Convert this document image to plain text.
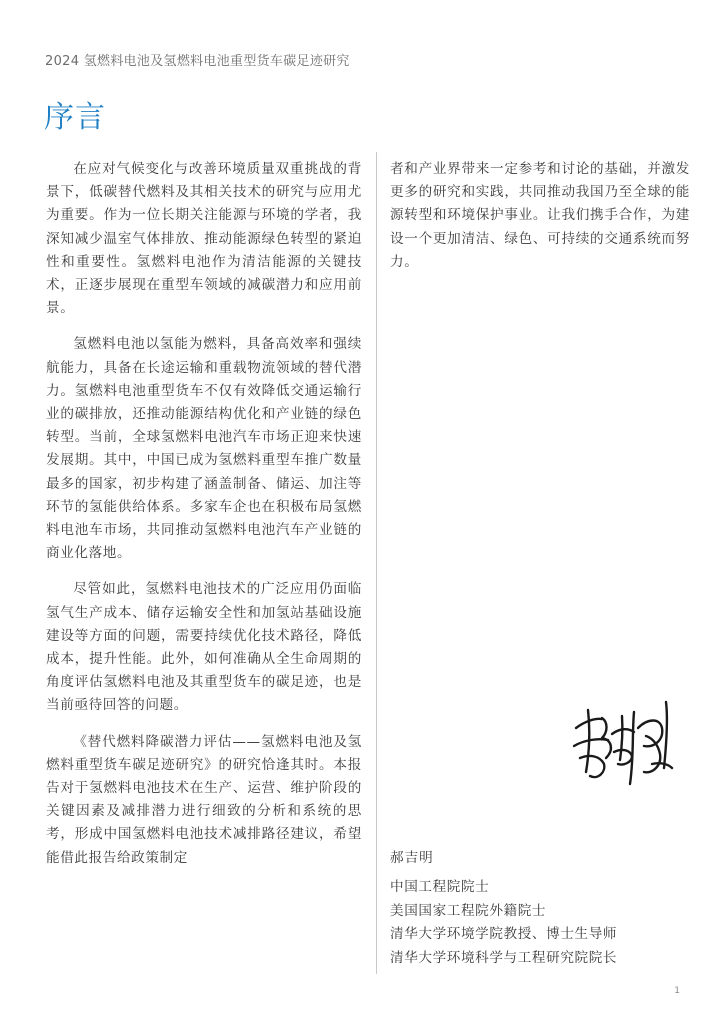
2024 氢燃料电池及氢燃料电池重型货车碳足迹研究
序言

在应对气候变化与改善环境质量双重挑战的背景下，低碳替代燃料及其相关技术的研究与应用尤为重要。作为一位长期关注能源与环境的学者，我深知减少温室气体排放、推动能源绿色转型的紧迫性和重要性。氢燃料电池作为清洁能源的关键技术，正逐步展现在重型车领域的减碳潜力和应用前景。

氢燃料电池以氢能为燃料，具备高效率和强续航能力，具备在长途运输和重载物流领域的替代潜力。氢燃料电池重型货车不仅有效降低交通运输行业的碳排放，还推动能源结构优化和产业链的绿色转型。当前，全球氢燃料电池汽车市场正迎来快速发展期。其中，中国已成为氢燃料重型车推广数量最多的国家，初步构建了涵盖制备、储运、加注等环节的氢能供给体系。多家车企也在积极布局氢燃料电池车市场，共同推动氢燃料电池汽车产业链的商业化落地。

尽管如此，氢燃料电池技术的广泛应用仍面临氢气生产成本、储存运输安全性和加氢站基础设施建设等方面的问题，需要持续优化技术路径，降低成本，提升性能。此外，如何准确从全生命周期的角度评估氢燃料电池及其重型货车的碳足迹，也是当前亟待回答的问题。

《替代燃料降碳潜力评估——氢燃料电池及氢燃料重型货车碳足迹研究》的研究恰逢其时。本报告对于氢燃料电池技术在生产、运营、维护阶段的关键因素及减排潜力进行细致的分析和系统的思考，形成中国氢燃料电池技术减排路径建议，希望能借此报告给政策制定

者和产业界带来一定参考和讨论的基础，并激发更多的研究和实践，共同推动我国乃至全球的能源转型和环境保护事业。让我们携手合作，为建设一个更加清洁、绿色、可持续的交通系统而努力。

郝吉明
中国工程院院士
美国国家工程院外籍院士
清华大学环境学院教授、博士生导师
清华大学环境科学与工程研究院院长
1
